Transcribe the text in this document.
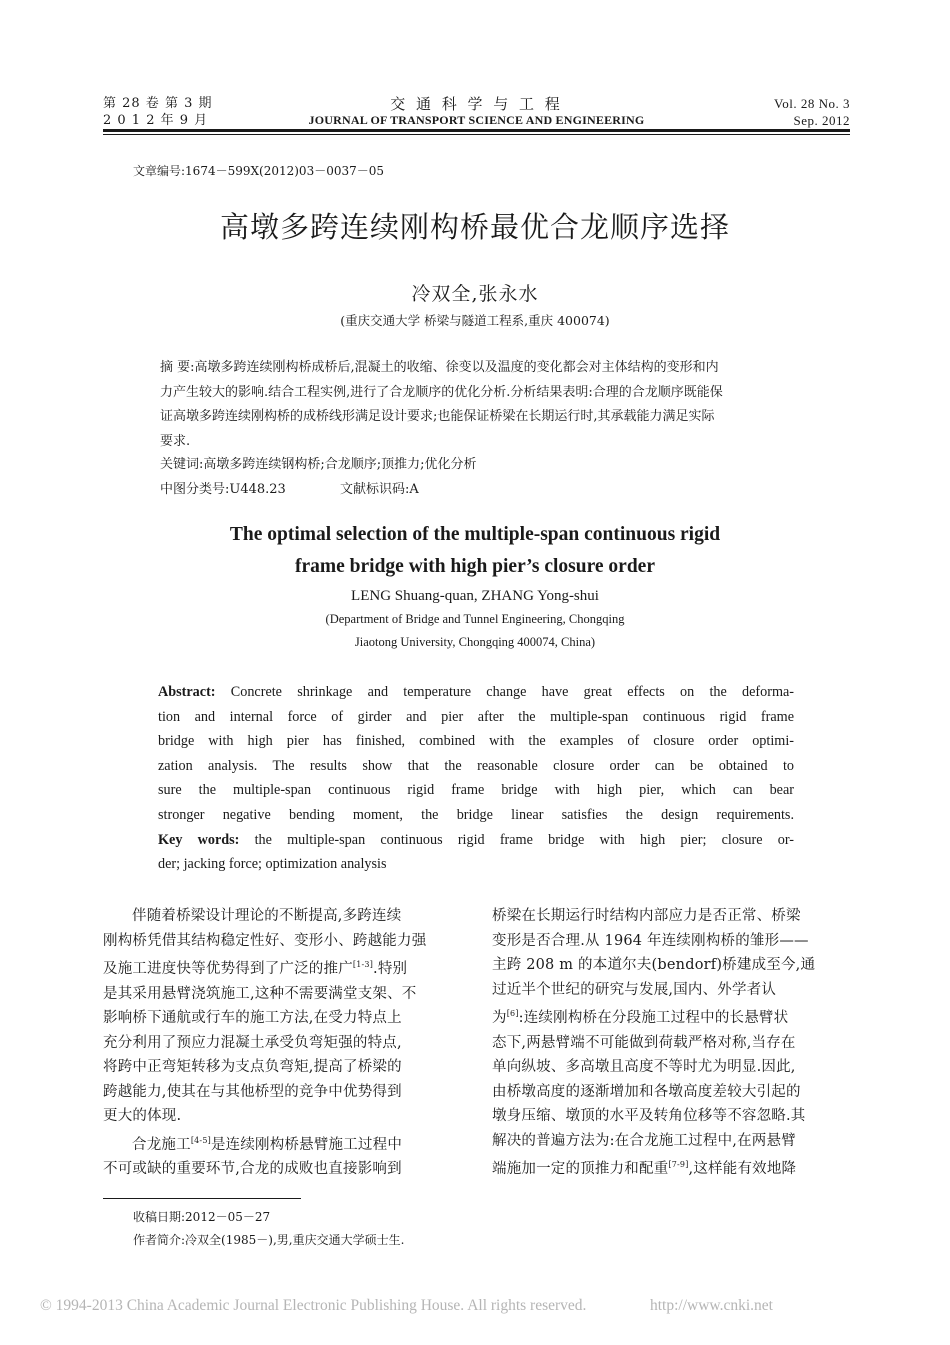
第 28 卷 第 3 期
2 0 1 2 年 9 月
交 通 科 学 与 工 程
JOURNAL OF TRANSPORT SCIENCE AND ENGINEERING
Vol. 28 No. 3
Sep. 2012
文章编号:1674－599X(2012)03－0037－05
高墩多跨连续刚构桥最优合龙顺序选择
冷双全,张永水
(重庆交通大学 桥梁与隧道工程系,重庆 400074)
摘 要:高墩多跨连续刚构桥成桥后,混凝土的收缩、徐变以及温度的变化都会对主体结构的变形和内
力产生较大的影响.结合工程实例,进行了合龙顺序的优化分析.分析结果表明:合理的合龙顺序既能保
证高墩多跨连续刚构桥的成桥线形满足设计要求;也能保证桥梁在长期运行时,其承载能力满足实际
要求.
关键词:高墩多跨连续钢构桥;合龙顺序;顶推力;优化分析
中图分类号:U448.23	文献标识码:A
The optimal selection of the multiple-span continuous rigid
frame bridge with high pier’s closure order
LENG Shuang-quan, ZHANG Yong-shui
(Department of Bridge and Tunnel Engineering, Chongqing
Jiaotong University, Chongqing 400074, China)
Abstract: Concrete shrinkage and temperature change have great effects on the deforma-
tion and internal force of girder and pier after the multiple-span continuous rigid frame
bridge with high pier has finished, combined with the examples of closure order optimi-
zation analysis. The results show that the reasonable closure order can be obtained to
sure the multiple-span continuous rigid frame bridge with high pier, which can bear
stronger negative bending moment, the bridge linear satisfies the design requirements.
Key words: the multiple-span continuous rigid frame bridge with high pier; closure or-
der; jacking force; optimization analysis
伴随着桥梁设计理论的不断提高,多跨连续
刚构桥凭借其结构稳定性好、变形小、跨越能力强
及施工进度快等优势得到了广泛的推广[1-3].特别
是其采用悬臂浇筑施工,这种不需要满堂支架、不
影响桥下通航或行车的施工方法,在受力特点上
充分利用了预应力混凝土承受负弯矩强的特点,
将跨中正弯矩转移为支点负弯矩,提高了桥梁的
跨越能力,使其在与其他桥型的竞争中优势得到
更大的体现.
合龙施工[4-5]是连续刚构桥悬臂施工过程中
不可或缺的重要环节,合龙的成败也直接影响到
桥梁在长期运行时结构内部应力是否正常、桥梁
变形是否合理.从 1964 年连续刚构桥的雏形——
主跨 208 m 的本道尔夫(bendorf)桥建成至今,通
过近半个世纪的研究与发展,国内、外学者认
为[6]:连续刚构桥在分段施工过程中的长悬臂状
态下,两悬臂端不可能做到荷载严格对称,当存在
单向纵坡、多高墩且高度不等时尤为明显.因此,
由桥墩高度的逐渐增加和各墩高度差较大引起的
墩身压缩、墩顶的水平及转角位移等不容忽略.其
解决的普遍方法为:在合龙施工过程中,在两悬臂
端施加一定的顶推力和配重[7-9],这样能有效地降
收稿日期:2012－05－27
作者简介:冷双全(1985－),男,重庆交通大学硕士生.
© 1994-2013 China Academic Journal Electronic Publishing House. All rights reserved.	http://www.cnki.net
